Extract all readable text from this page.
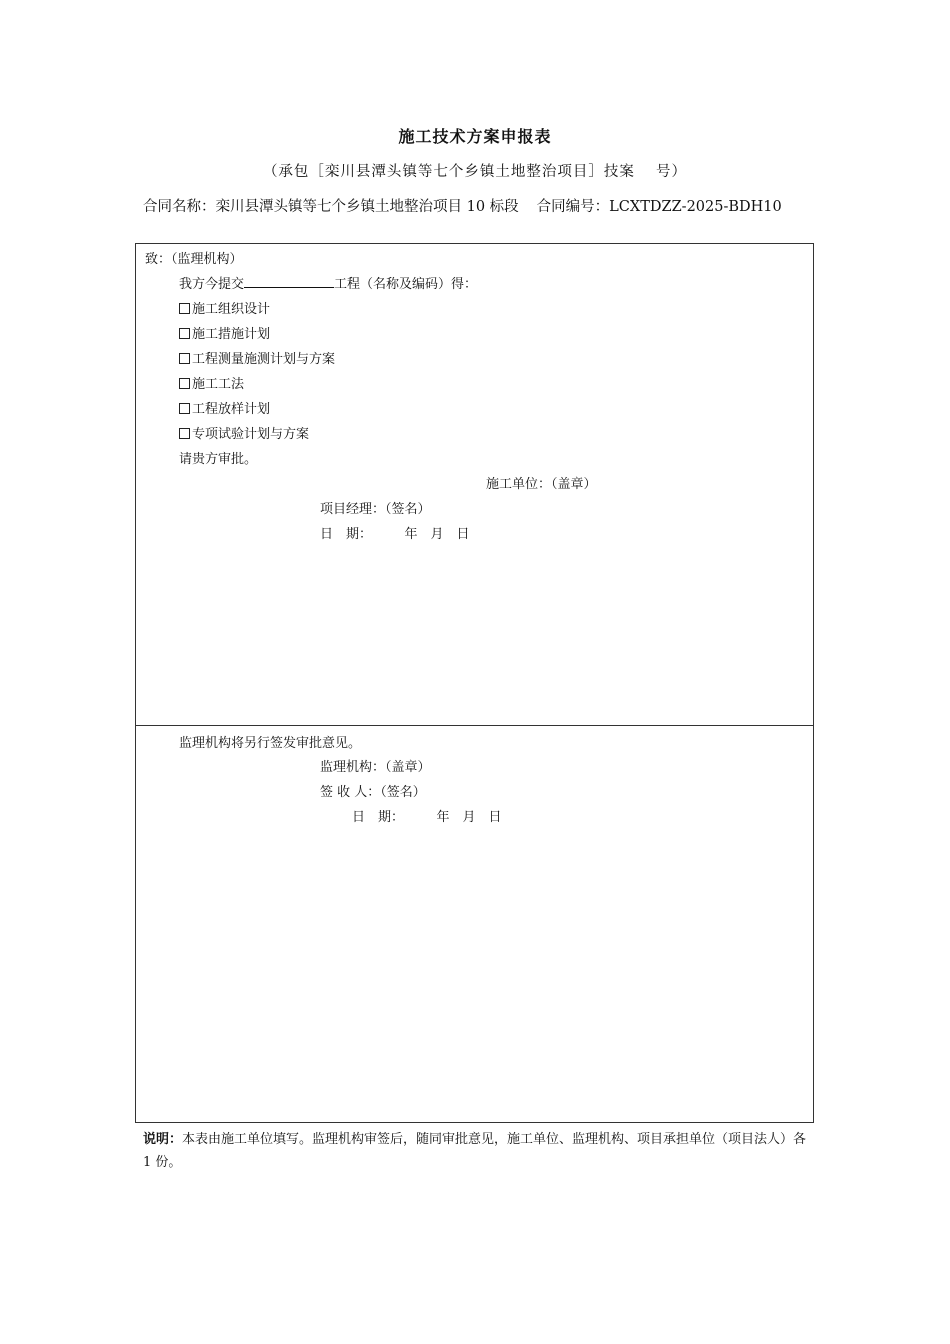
施工技术方案申报表
（承包［栾川县潭头镇等七个乡镇土地整治项目］技案　 号）
合同名称：栾川县潭头镇等七个乡镇土地整治项目 10 标段 合同编号：LCXTDZZ-2025-BDH10
致：（监理机构）
我方今提交	工程（名称及编码）得：
施工组织设计
施工措施计划
工程测量施测计划与方案
施工工法
工程放样计划
专项试验计划与方案
请贵方审批。
施工单位：（盖章）
项目经理：（签名）
日　期：　　　年　月　日
监理机构将另行签发审批意见。
监理机构：（盖章）
签 收 人：（签名）
日　期：　　　年　月　日
说明：本表由施工单位填写。监理机构审签后，随同审批意见，施工单位、监理机构、项目承担单位（项目法人）各 1 份。
